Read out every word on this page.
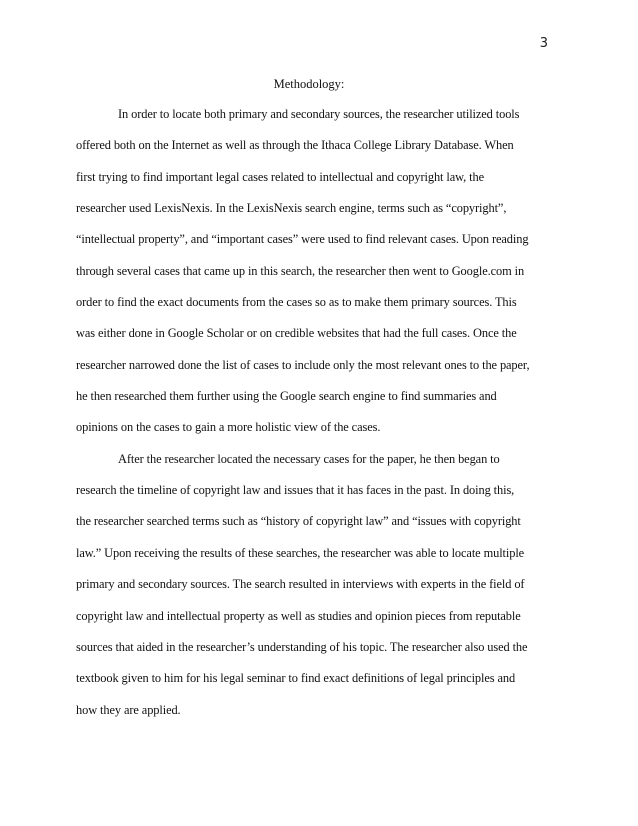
3
Methodology:
In order to locate both primary and secondary sources, the researcher utilized tools
offered both on the Internet as well as through the Ithaca College Library Database. When
first trying to find important legal cases related to intellectual and copyright law, the
researcher used LexisNexis. In the LexisNexis search engine, terms such as “copyright”,
“intellectual property”, and “important cases” were used to find relevant cases. Upon reading
through several cases that came up in this search, the researcher then went to Google.com in
order to find the exact documents from the cases so as to make them primary sources. This
was either done in Google Scholar or on credible websites that had the full cases. Once the
researcher narrowed done the list of cases to include only the most relevant ones to the paper,
he then researched them further using the Google search engine to find summaries and
opinions on the cases to gain a more holistic view of the cases.
After the researcher located the necessary cases for the paper, he then began to
research the timeline of copyright law and issues that it has faces in the past. In doing this,
the researcher searched terms such as “history of copyright law” and “issues with copyright
law.” Upon receiving the results of these searches, the researcher was able to locate multiple
primary and secondary sources. The search resulted in interviews with experts in the field of
copyright law and intellectual property as well as studies and opinion pieces from reputable
sources that aided in the researcher’s understanding of his topic. The researcher also used the
textbook given to him for his legal seminar to find exact definitions of legal principles and
how they are applied.
